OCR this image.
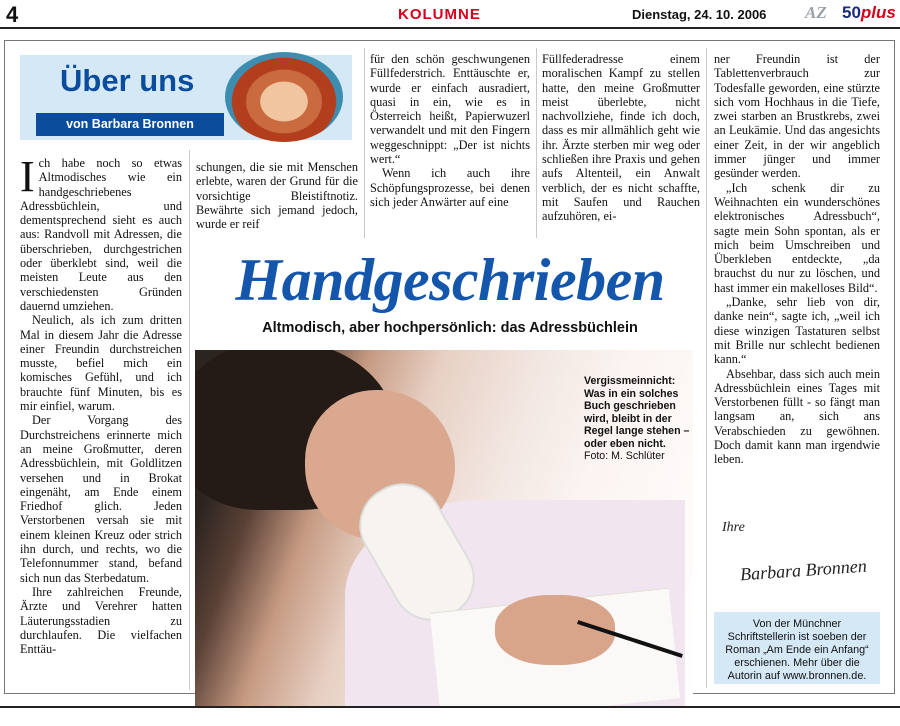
4	KOLUMNE	Dienstag, 24. 10. 2006 AZ 50plus
Über uns
von Barbara Bronnen

Ich habe noch so etwas Altmodisches wie ein handgeschriebenes Adressbüchlein, und dementsprechend sieht es auch aus: Randvoll mit Adressen, die überschrieben, durchgestrichen oder überklebt sind, weil die meisten Leute aus den verschiedensten Gründen dauernd umziehen.

Neulich, als ich zum dritten Mal in diesem Jahr die Adresse einer Freundin durchstreichen musste, befiel mich ein komisches Gefühl, und ich brauchte fünf Minuten, bis es mir einfiel, warum.

Der Vorgang des Durchstreichens erinnerte mich an meine Großmutter, deren Adressbüchlein, mit Goldlitzen versehen und in Brokat eingenäht, am Ende einem Friedhof glich. Jeden Verstorbenen versah sie mit einem kleinen Kreuz oder strich ihn durch, und rechts, wo die Telefonnummer stand, befand sich nun das Sterbedatum.

Ihre zahlreichen Freunde, Ärzte und Verehrer hatten Läuterungsstadien zu durchlaufen. Die vielfachen Enttäu-

schungen, die sie mit Menschen erlebte, waren der Grund für die vorsichtige Bleistiftnotiz. Bewährte sich jemand jedoch, wurde er reif

für den schön geschwungenen Füllfederstrich. Enttäuschte er, wurde er einfach ausradiert, quasi in ein, wie es in Österreich heißt, Papierwuzerl verwandelt und mit den Fingern weggeschnippt: „Der ist nichts wert.“

Wenn ich auch ihre Schöpfungsprozesse, bei denen sich jeder Anwärter auf eine

Füllfederadresse einem moralischen Kampf zu stellen hatte, den meine Großmutter meist überlebte, nicht nachvollziehe, finde ich doch, dass es mir allmählich geht wie ihr. Ärzte sterben mir weg oder schließen ihre Praxis und gehen aufs Altenteil, ein Anwalt verblich, der es nicht schaffte, mit Saufen und Rauchen aufzuhören, ei-

ner Freundin ist der Tablettenverbrauch zur Todesfalle geworden, eine stürzte sich vom Hochhaus in die Tiefe, zwei starben an Brustkrebs, zwei an Leukämie. Und das angesichts einer Zeit, in der wir angeblich immer jünger und immer gesünder werden.

„Ich schenk dir zu Weihnachten ein wunderschönes elektronisches Adressbuch“, sagte mein Sohn spontan, als er mich beim Umschreiben und Überkleben entdeckte, „da brauchst du nur zu löschen, und hast immer ein makelloses Bild“.

„Danke, sehr lieb von dir, danke nein“, sagte ich, „weil ich diese winzigen Tastaturen selbst mit Brille nur schlecht bedienen kann.“

Absehbar, dass sich auch mein Adressbüchlein eines Tages mit Verstorbenen füllt - so fängt man langsam an, sich ans Verabschieden zu gewöhnen. Doch damit kann man irgendwie leben.

Handgeschrieben
Altmodisch, aber hochpersönlich: das Adressbüchlein
Vergissmeinnicht: Was in ein solches Buch geschrieben wird, bleibt in der Regel lange stehen – oder eben nicht. Foto: M. Schlüter
Ihre
Barbara Bronnen
Von der Münchner Schriftstellerin ist soeben der Roman „Am Ende ein Anfang“ erschienen. Mehr über die Autorin auf www.bronnen.de.
